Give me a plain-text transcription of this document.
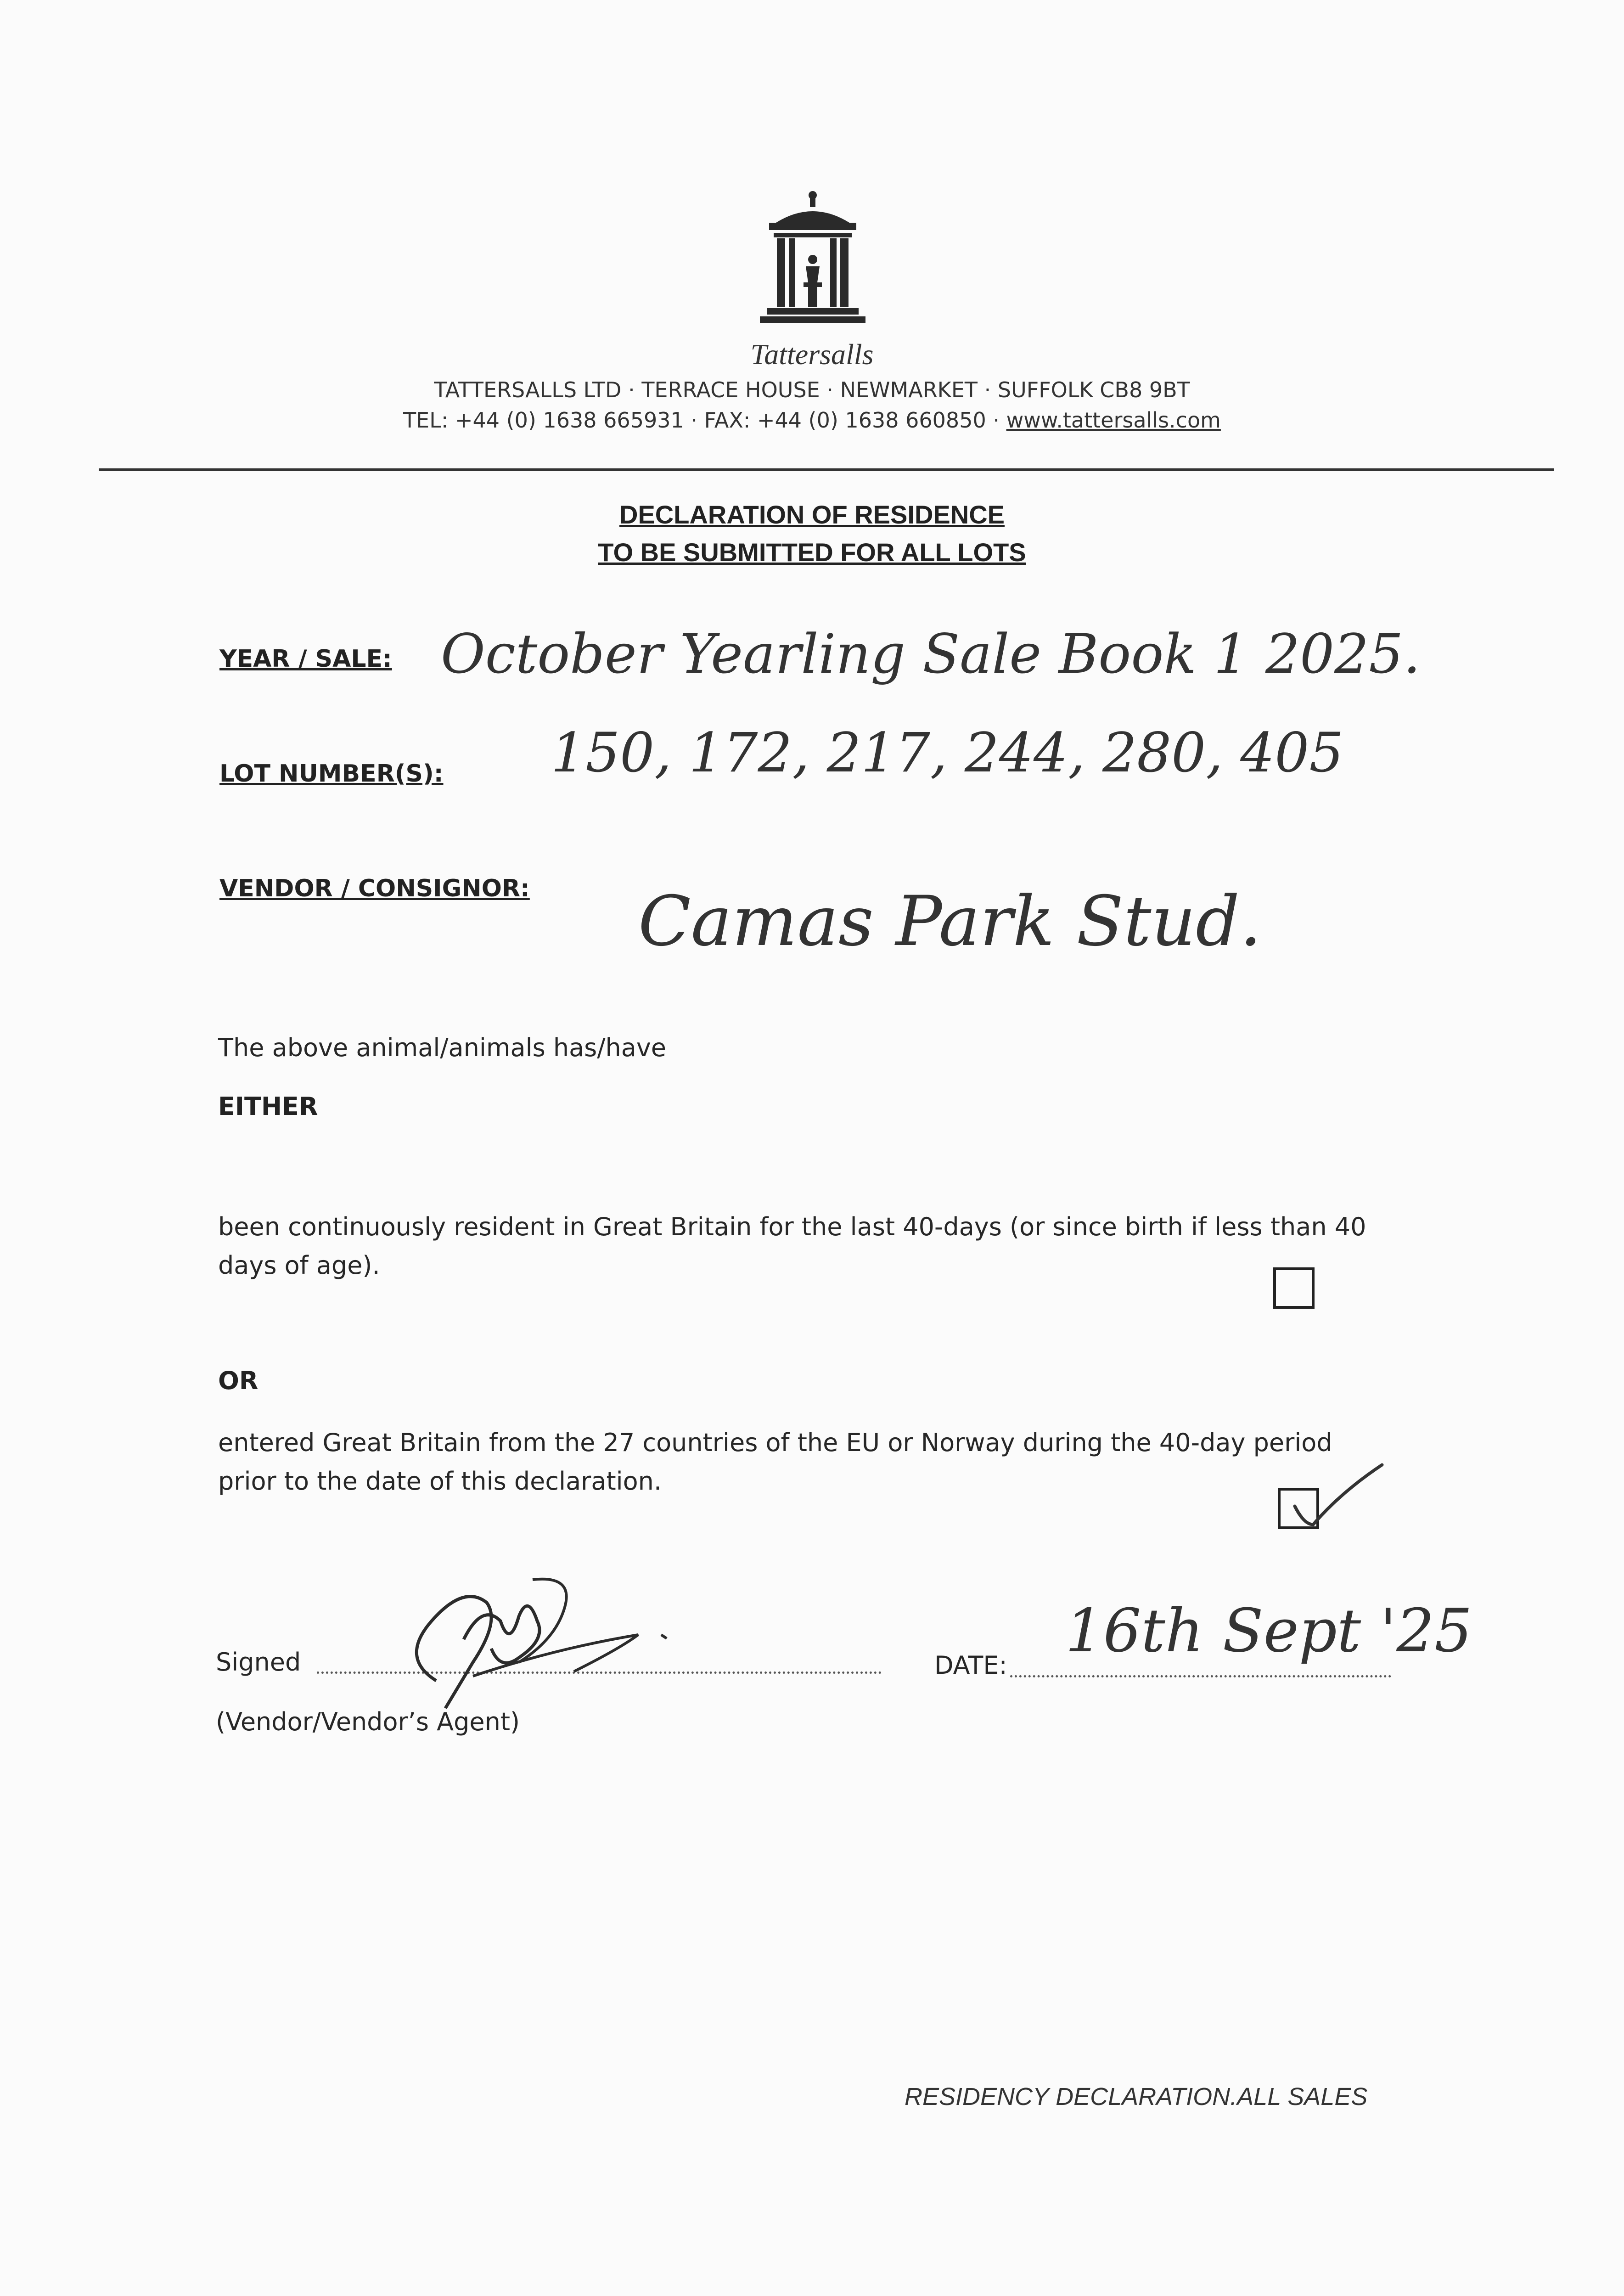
Tattersalls
TATTERSALLS LTD · TERRACE HOUSE · NEWMARKET · SUFFOLK CB8 9BT
TEL: +44 (0) 1638 665931 · FAX: +44 (0) 1638 660850 · www.tattersalls.com
DECLARATION OF RESIDENCE
TO BE SUBMITTED FOR ALL LOTS
YEAR / SALE: October Yearling Sale Book 1 2025.
LOT NUMBER(S): 150, 172, 217, 244, 280, 405
VENDOR / CONSIGNOR: Camas Park Stud.
The above animal/animals has/have
EITHER
been continuously resident in Great Britain for the last 40-days (or since birth if less than 40
days of age).
OR
entered Great Britain from the 27 countries of the EU or Norway during the 40-day period
prior to the date of this declaration.
Signed
(Vendor/Vendor’s Agent)
DATE: 16th Sept '25
RESIDENCY DECLARATION.ALL SALES
